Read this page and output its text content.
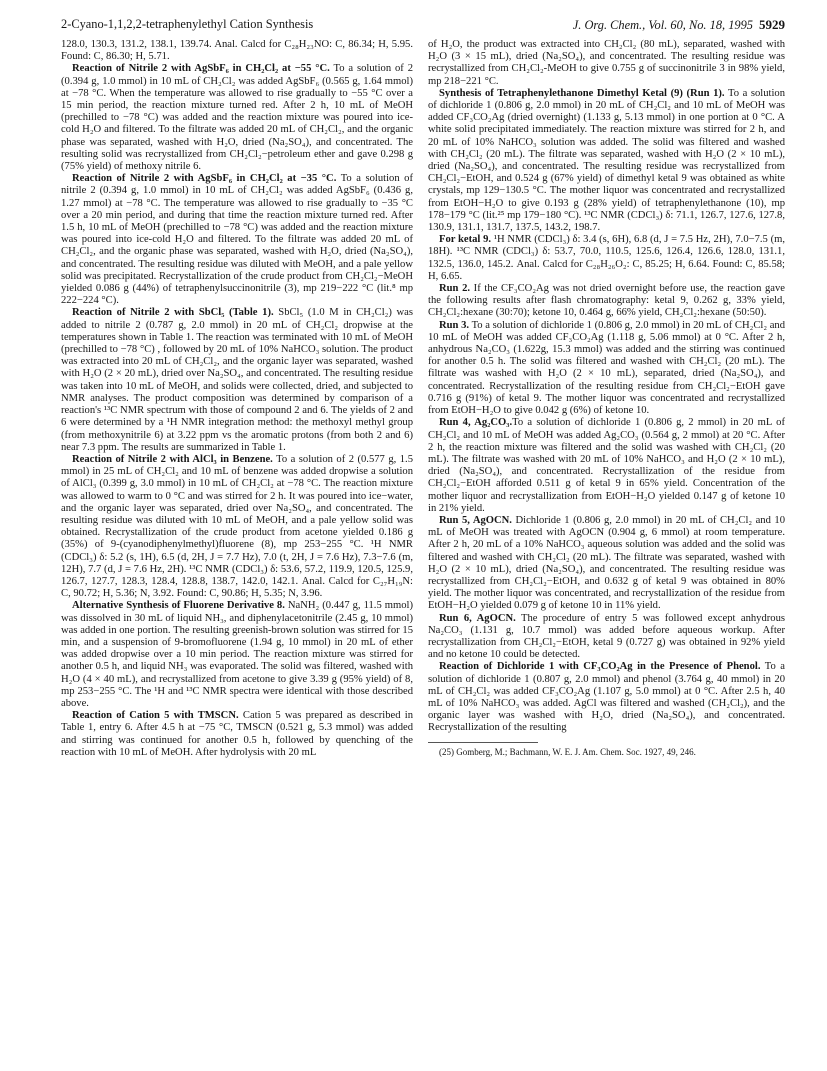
2-Cyano-1,1,2,2-tetraphenylethyl Cation Synthesis	J. Org. Chem., Vol. 60, No. 18, 1995 5929

128.0, 130.3, 131.2, 138.1, 139.74. Anal. Calcd for C₂₈H₂₃NO: C, 86.34; H, 5.95. Found: C, 86.30; H, 5.71.

Reaction of Nitrile 2 with AgSbF₆ in CH₂Cl₂ at −55 °C. To a solution of 2 (0.394 g, 1.0 mmol) in 10 mL of CH₂Cl₂ was added AgSbF₆ (0.565 g, 1.64 mmol) at −78 °C. When the temperature was allowed to rise gradually to −55 °C over a 15 min period, the reaction mixture turned red. After 2 h, 10 mL of MeOH (prechilled to −78 °C) was added and the reaction mixture was poured into ice-cold H₂O and filtered. To the filtrate was added 20 mL of CH₂Cl₂, and the organic phase was separated, washed with H₂O, dried (Na₂SO₄), and concentrated. The resulting solid was recrystallized from CH₂Cl₂−petroleum ether and gave 0.298 g (75% yield) of methoxy nitrile 6.

Reaction of Nitrile 2 with AgSbF₆ in CH₂Cl₂ at −35 °C. To a solution of nitrile 2 (0.394 g, 1.0 mmol) in 10 mL of CH₂Cl₂ was added AgSbF₆ (0.436 g, 1.27 mmol) at −78 °C. The temperature was allowed to rise gradually to −35 °C over a 20 min period, and during that time the reaction mixture turned red. After 1.5 h, 10 mL of MeOH (prechilled to −78 °C) was added and the reaction mixture was poured into ice-cold H₂O and filtered. To the filtrate was added 20 mL of CH₂Cl₂, and the organic phase was separated, washed with H₂O, dried (Na₂SO₄), and concentrated. The resulting residue was diluted with MeOH, and a pale yellow solid was precipitated. Recrystallization of the crude product from CH₂Cl₂−MeOH yielded 0.086 g (44%) of tetraphenylsuccinonitrile (3), mp 219−222 °C (lit.⁸ mp 222−224 °C).

Reaction of Nitrile 2 with SbCl₅ (Table 1). SbCl₅ (1.0 M in CH₂Cl₂) was added to nitrile 2 (0.787 g, 2.0 mmol) in 20 mL of CH₂Cl₂ dropwise at the temperatures shown in Table 1. The reaction was terminated with 10 mL of MeOH (prechilled to −78 °C) , followed by 20 mL of 10% NaHCO₃ solution. The product was extracted into 20 mL of CH₂Cl₂, and the organic layer was separated, washed with H₂O (2 × 20 mL), dried over Na₂SO₄, and concentrated. The resulting residue was taken into 10 mL of MeOH, and solids were collected, dried, and subjected to NMR analyses. The product composition was determined by comparison of a reaction's ¹³C NMR spectrum with those of compound 2 and 6. The yields of 2 and 6 were determined by a ¹H NMR integration method: the methoxyl methyl group (from methoxynitrile 6) at 3.22 ppm vs the aromatic protons (from both 2 and 6) near 7.3 ppm. The results are summarized in Table 1.

Reaction of Nitrile 2 with AlCl₃ in Benzene. To a solution of 2 (0.577 g, 1.5 mmol) in 25 mL of CH₂Cl₂ and 10 mL of benzene was added dropwise a solution of AlCl₃ (0.399 g, 3.0 mmol) in 10 mL of CH₂Cl₂ at −78 °C. The reaction mixture was allowed to warm to 0 °C and was stirred for 2 h. It was poured into ice−water, and the organic layer was separated, dried over Na₂SO₄, and concentrated. The resulting residue was diluted with 10 mL of MeOH, and a pale yellow solid was obtained. Recrystallization of the crude product from acetone yielded 0.186 g (35%) of 9-(cyanodiphenylmethyl)fluorene (8), mp 253−255 °C. ¹H NMR (CDCl₃) δ: 5.2 (s, 1H), 6.5 (d, 2H, J = 7.7 Hz), 7.0 (t, 2H, J = 7.6 Hz), 7.3−7.6 (m, 12H), 7.7 (d, J = 7.6 Hz, 2H). ¹³C NMR (CDCl₃) δ: 53.6, 57.2, 119.9, 120.5, 125.9, 126.7, 127.7, 128.3, 128.4, 128.8, 138.7, 142.0, 142.1. Anal. Calcd for C₂₇H₁₉N: C, 90.72; H, 5.36; N, 3.92. Found: C, 90.86; H, 5.35; N, 3.96.

Alternative Synthesis of Fluorene Derivative 8. NaNH₂ (0.447 g, 11.5 mmol) was dissolved in 30 mL of liquid NH₃, and diphenylacetonitrile (2.45 g, 10 mmol) was added in one portion. The resulting greenish-brown solution was stirred for 15 min, and a suspension of 9-bromofluorene (1.94 g, 10 mmol) in 20 mL of ether was added dropwise over a 10 min period. The reaction mixture was stirred for another 0.5 h, and liquid NH₃ was evaporated. The solid was filtered, washed with H₂O (4 × 40 mL), and recrystallized from acetone to give 3.39 g (95% yield) of 8, mp 253−255 °C. The ¹H and ¹³C NMR spectra were identical with those described above.

Reaction of Cation 5 with TMSCN. Cation 5 was prepared as described in Table 1, entry 6. After 4.5 h at −75 °C, TMSCN (0.521 g, 5.3 mmol) was added and stirring was continued for another 0.5 h, followed by quenching of the reaction with 10 mL of MeOH. After hydrolysis with 20 mL

of H₂O, the product was extracted into CH₂Cl₂ (80 mL), separated, washed with H₂O (3 × 15 mL), dried (Na₂SO₄), and concentrated. The resulting residue was recrystallized from CH₂Cl₂-MeOH to give 0.755 g of succinonitrile 3 in 98% yield, mp 218−221 °C.

Synthesis of Tetraphenylethanone Dimethyl Ketal (9) (Run 1). To a solution of dichloride 1 (0.806 g, 2.0 mmol) in 20 mL of CH₂Cl₂ and 10 mL of MeOH was added CF₃CO₂Ag (dried overnight) (1.133 g, 5.13 mmol) in one portion at 0 °C. A white solid precipitated immediately. The reaction mixture was stirred for 2 h, and 20 mL of 10% NaHCO₃ solution was added. The solid was filtered and washed with CH₂Cl₂ (20 mL). The filtrate was separated, washed with H₂O (2 × 10 mL), dried (Na₂SO₄), and concentrated. The resulting residue was recrystallized from CH₂Cl₂−EtOH, and 0.524 g (67% yield) of dimethyl ketal 9 was obtained as white crystals, mp 129−130.5 °C. The mother liquor was concentrated and recrystallized from EtOH−H₂O to give 0.193 g (28% yield) of tetraphenylethanone (10), mp 178−179 °C (lit.²⁵ mp 179−180 °C). ¹³C NMR (CDCl₃) δ: 71.1, 126.7, 127.6, 127.8, 130.9, 131.1, 131.7, 137.5, 143.2, 198.7.

For ketal 9. ¹H NMR (CDCl₃) δ: 3.4 (s, 6H), 6.8 (d, J = 7.5 Hz, 2H), 7.0−7.5 (m, 18H). ¹³C NMR (CDCl₃) δ: 53.7, 70.0, 110.5, 125.6, 126.4, 126.6, 128.0, 131.1, 132.5, 136.0, 145.2. Anal. Calcd for C₂₈H₂₆O₂: C, 85.25; H, 6.64. Found: C, 85.58; H, 6.65.

Run 2. If the CF₃CO₂Ag was not dried overnight before use, the reaction gave the following results after flash chromatography: ketal 9, 0.262 g, 33% yield, CH₂Cl₂:hexane (30:70); ketone 10, 0.464 g, 66% yield, CH₂Cl₂:hexane (50:50).

Run 3. To a solution of dichloride 1 (0.806 g, 2.0 mmol) in 20 mL of CH₂Cl₂ and 10 mL of MeOH was added CF₃CO₂Ag (1.118 g, 5.06 mmol) at 0 °C. After 2 h, anhydrous Na₂CO₃ (1.622g, 15.3 mmol) was added and the stirring was continued for another 0.5 h. The solid was filtered and washed with CH₂Cl₂ (20 mL). The filtrate was washed with H₂O (2 × 10 mL), separated, dried (Na₂SO₄), and concentrated. Recrystallization of the resulting residue from CH₂Cl₂−EtOH gave 0.716 g (91%) of ketal 9. The mother liquor was concentrated and recrystallized from EtOH−H₂O to give 0.042 g (6%) of ketone 10.

Run 4, Ag₂CO₃.To a solution of dichloride 1 (0.806 g, 2 mmol) in 20 mL of CH₂Cl₂ and 10 mL of MeOH was added Ag₂CO₃ (0.564 g, 2 mmol) at 20 °C. After 2 h, the reaction mixture was filtered and the solid was washed with CH₂Cl₂ (20 mL). The filtrate was washed with 20 mL of 10% NaHCO₃ and H₂O (2 × 10 mL), dried (Na₂SO₄), and concentrated. Recrystallization of the residue from CH₂Cl₂−EtOH afforded 0.511 g of ketal 9 in 65% yield. Concentration of the mother liquor and recrystallization from EtOH−H₂O yielded 0.147 g of ketone 10 in 21% yield.

Run 5, AgOCN. Dichloride 1 (0.806 g, 2.0 mmol) in 20 mL of CH₂Cl₂ and 10 mL of MeOH was treated with AgOCN (0.904 g, 6 mmol) at room temperature. After 2 h, 20 mL of a 10% NaHCO₃ aqueous solution was added and the solid was filtered and washed with CH₂Cl₂ (20 mL). The filtrate was separated, washed with H₂O (2 × 10 mL), dried (Na₂SO₄), and concentrated. The resulting residue was recrystallized from CH₂Cl₂−EtOH, and 0.632 g of ketal 9 was obtained in 80% yield. The mother liquor was concentrated, and recrystallization of the residue from EtOH−H₂O yielded 0.079 g of ketone 10 in 11% yield.

Run 6, AgOCN. The procedure of entry 5 was followed except anhydrous Na₂CO₃ (1.131 g, 10.7 mmol) was added before aqueous workup. After recrystallization from CH₂Cl₂−EtOH, ketal 9 (0.727 g) was obtained in 92% yield and no ketone 10 could be detected.

Reaction of Dichloride 1 with CF₃CO₂Ag in the Presence of Phenol. To a solution of dichloride 1 (0.807 g, 2.0 mmol) and phenol (3.764 g, 40 mmol) in 20 mL of CH₂Cl₂ was added CF₃CO₂Ag (1.107 g, 5.0 mmol) at 0 °C. After 2.5 h, 40 mL of 10% NaHCO₃ was added. AgCl was filtered and washed (CH₂Cl₂), and the organic layer was washed with H₂O, dried (Na₂SO₄), and concentrated. Recrystallization of the resulting

(25) Gomberg, M.; Bachmann, W. E. J. Am. Chem. Soc. 1927, 49, 246.
